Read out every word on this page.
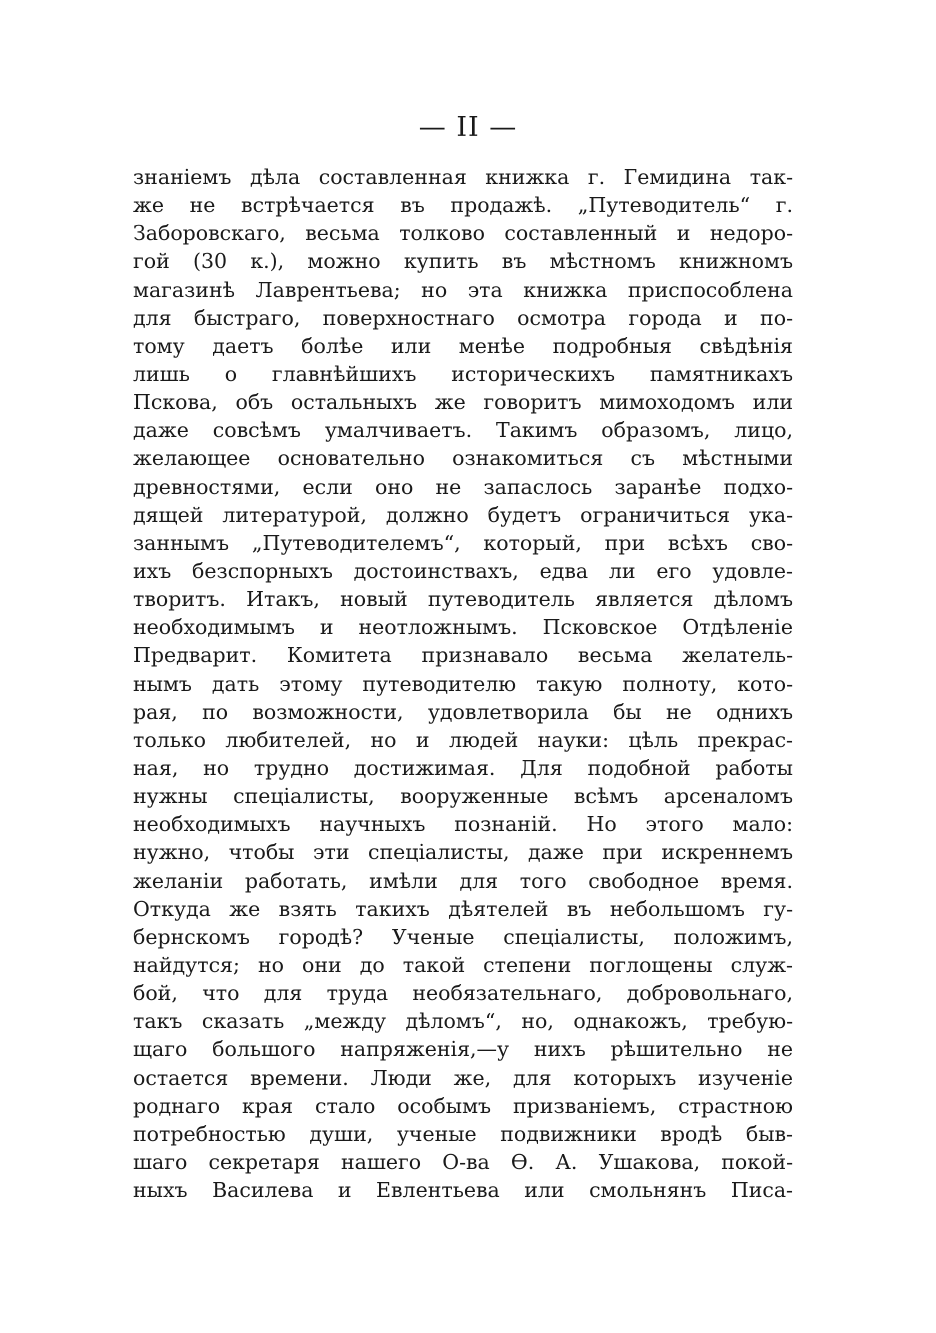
— II —
знаніемъ дѣла составленная книжка г. Гемидина так-
же не встрѣчается въ продажѣ. „Путеводитель“ г.
Заборовскаго, весьма толково составленный и недоро-
гой (30 к.), можно купить въ мѣстномъ книжномъ
магазинѣ Лаврентьева; но эта книжка приспособлена
для быстраго, поверхностнаго осмотра города и по-
тому даетъ болѣе или менѣе подробныя свѣдѣнія
лишь о главнѣйшихъ историческихъ памятникахъ
Пскова, объ остальныхъ же говоритъ мимоходомъ или
даже совсѣмъ умалчиваетъ. Такимъ образомъ, лицо,
желающее основательно ознакомиться съ мѣстными
древностями, если оно не запаслось заранѣе подхо-
дящей литературой, должно будетъ ограничиться ука-
заннымъ „Путеводителемъ“, который, при всѣхъ сво-
ихъ безспорныхъ достоинствахъ, едва ли его удовле-
творитъ. Итакъ, новый путеводитель является дѣломъ
необходимымъ и неотложнымъ. Псковское Отдѣленіе
Предварит. Комитета признавало весьма желатель-
нымъ дать этому путеводителю такую полноту, кото-
рая, по возможности, удовлетворила бы не однихъ
только любителей, но и людей науки: цѣль прекрас-
ная, но трудно достижимая. Для подобной работы
нужны спеціалисты, вооруженные всѣмъ арсеналомъ
необходимыхъ научныхъ познаній. Но этого мало:
нужно, чтобы эти спеціалисты, даже при искреннемъ
желаніи работать, имѣли для того свободное время.
Откуда же взять такихъ дѣятелей въ небольшомъ гу-
бернскомъ городѣ? Ученые спеціалисты, положимъ,
найдутся; но они до такой степени поглощены служ-
бой, что для труда необязательнаго, добровольнаго,
такъ сказать „между дѣломъ“, но, однакожъ, требую-
щаго большого напряженія,—у нихъ рѣшительно не
остается времени. Люди же, для которыхъ изученіе
роднаго края стало особымъ призваніемъ, страстною
потребностью души, ученые подвижники вродѣ быв-
шаго секретаря нашего О-ва Ѳ. А. Ушакова, покой-
ныхъ Василева и Евлентьева или смольнянъ Писа-
